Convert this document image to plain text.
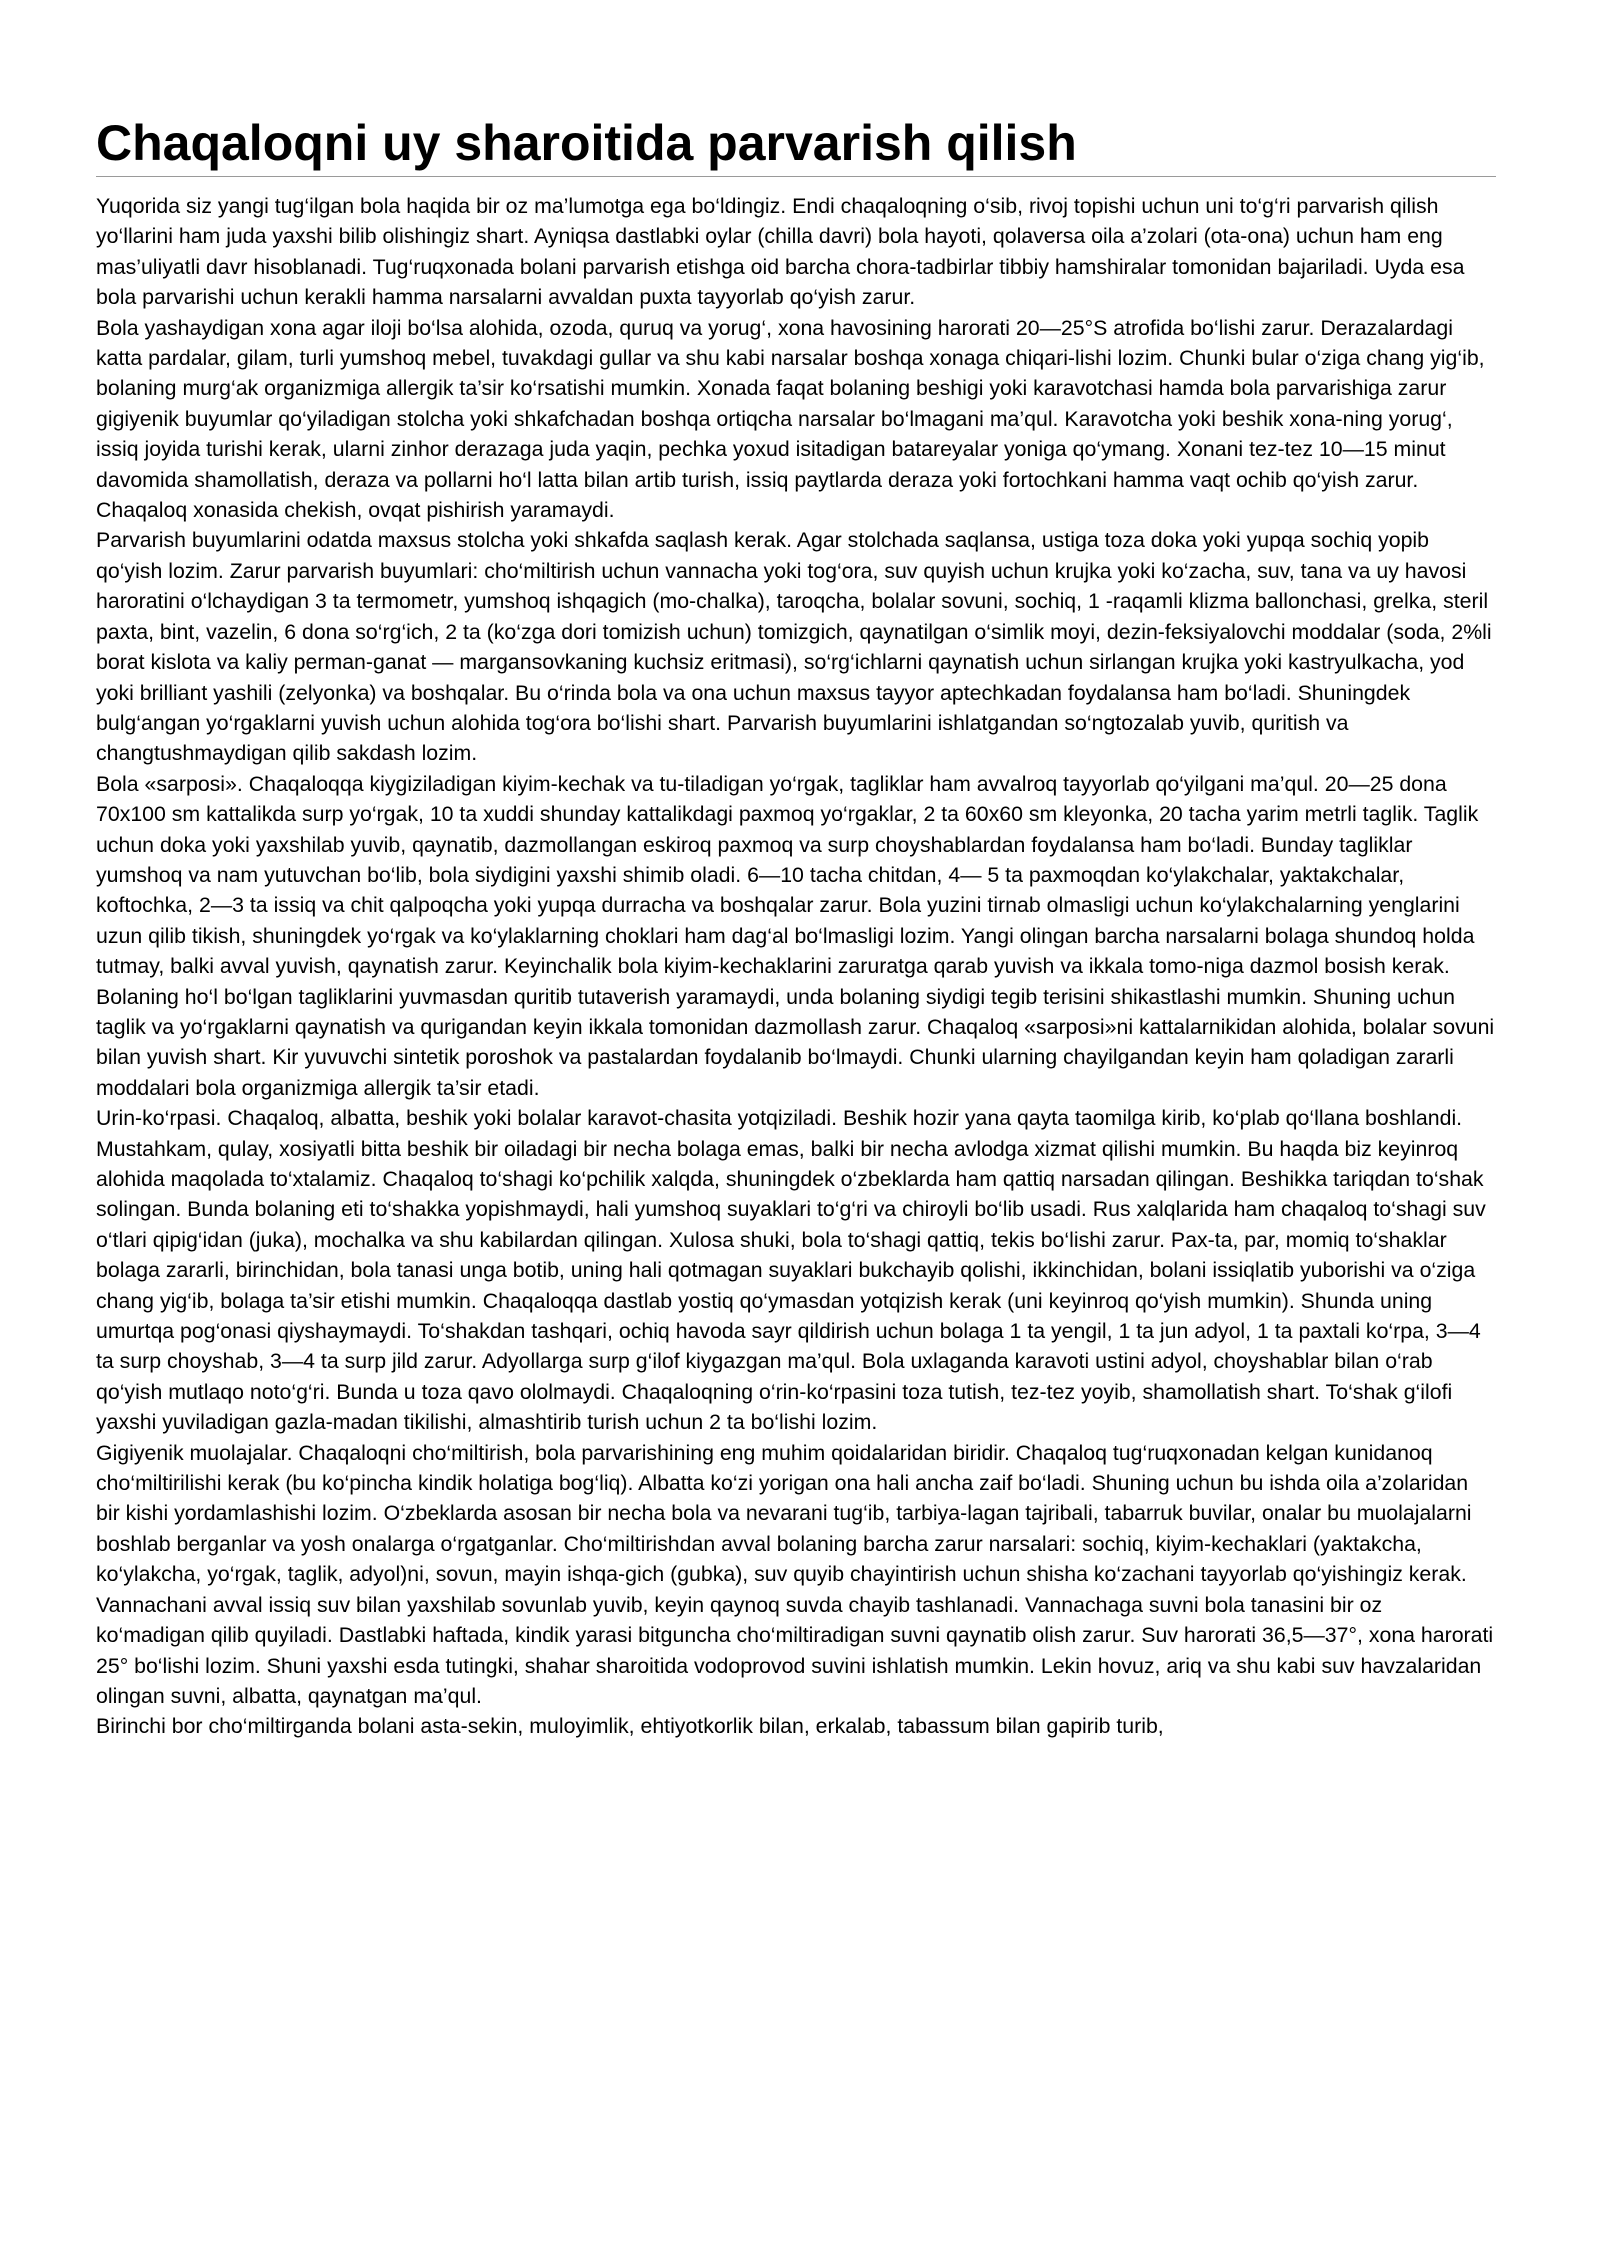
Chaqaloqni uy sharoitida parvarish qilish

Yuqorida siz yangi tug‘ilgan bola haqida bir oz ma’lumotga ega bo‘ldingiz. Endi chaqaloqning o‘sib, rivoj topishi uchun uni to‘g‘ri parvarish qilish yo‘llarini ham juda yaxshi bilib olishingiz shart. Ayniqsa dastlabki oylar (chilla davri) bola hayoti, qolaversa oila a’zolari (ota-ona) uchun ham eng mas’uliyatli davr hisoblanadi. Tug‘ruqxonada bolani parvarish etishga oid barcha chora-tadbirlar tibbiy hamshiralar tomonidan bajariladi. Uyda esa bola parvarishi uchun kerakli hamma narsalarni avvaldan puxta tayyorlab qo‘yish zarur.

Bola yashaydigan xona agar iloji bo‘lsa alohida, ozoda, quruq va yorug‘, xona havosining harorati 20—25°S atrofida bo‘lishi zarur. Derazalardagi katta pardalar, gilam, turli yumshoq mebel, tuvakdagi gullar va shu kabi narsalar boshqa xonaga chiqari-lishi lozim. Chunki bular o‘ziga chang yig‘ib, bolaning murg‘ak organizmiga allergik ta’sir ko‘rsatishi mumkin. Xonada faqat bolaning beshigi yoki karavotchasi hamda bola parvarishiga zarur gigiyenik buyumlar qo‘yiladigan stolcha yoki shkafchadan boshqa ortiqcha narsalar bo‘lmagani ma’qul. Karavotcha yoki beshik xona-ning yorug‘, issiq joyida turishi kerak, ularni zinhor derazaga juda yaqin, pechka yoxud isitadigan batareyalar yoniga qo‘ymang. Xonani tez-tez 10—15 minut davomida shamollatish, deraza va pollarni ho‘l latta bilan artib turish, issiq paytlarda deraza yoki fortochkani hamma vaqt ochib qo‘yish zarur. Chaqaloq xonasida chekish, ovqat pishirish yaramaydi.

Parvarish buyumlarini odatda maxsus stolcha yoki shkafda saqlash kerak. Agar stolchada saqlansa, ustiga toza doka yoki yupqa sochiq yopib qo‘yish lozim. Zarur parvarish buyumlari: cho‘miltirish uchun vannacha yoki tog‘ora, suv quyish uchun krujka yoki ko‘zacha, suv, tana va uy havosi haroratini o‘lchaydigan 3 ta termometr, yumshoq ishqagich (mo-chalka), taroqcha, bolalar sovuni, sochiq, 1 -raqamli klizma ballonchasi, grelka, steril paxta, bint, vazelin, 6 dona so‘rg‘ich, 2 ta (ko‘zga dori tomizish uchun) tomizgich, qaynatilgan o‘simlik moyi, dezin-feksiyalovchi moddalar (soda, 2%li borat kislota va kaliy perman-ganat — margansovkaning kuchsiz eritmasi), so‘rg‘ichlarni qaynatish uchun sirlangan krujka yoki kastryulkacha, yod yoki brilliant yashili (zelyonka) va boshqalar. Bu o‘rinda bola va ona uchun maxsus tayyor aptechkadan foydalansa ham bo‘ladi. Shuningdek bulg‘angan yo‘rgaklarni yuvish uchun alohida tog‘ora bo‘lishi shart. Parvarish buyumlarini ishlatgandan so‘ngtozalab yuvib, quritish va changtushmaydigan qilib sakdash lozim.

Bola «sarposi». Chaqaloqqa kiygiziladigan kiyim-kechak va tu-tiladigan yo‘rgak, tagliklar ham avvalroq tayyorlab qo‘yilgani ma’qul. 20—25 dona 70x100 sm kattalikda surp yo‘rgak, 10 ta xuddi shunday kattalikdagi paxmoq yo‘rgaklar, 2 ta 60x60 sm kleyonka, 20 tacha yarim metrli taglik. Taglik uchun doka yoki yaxshilab yuvib, qaynatib, dazmollangan eskiroq paxmoq va surp choyshablardan foydalansa ham bo‘ladi. Bunday tagliklar yumshoq va nam yutuvchan bo‘lib, bola siydigini yaxshi shimib oladi. 6—10 tacha chitdan, 4— 5 ta paxmoqdan ko‘ylakchalar, yaktakchalar, koftochka, 2—3 ta issiq va chit qalpoqcha yoki yupqa durracha va boshqalar zarur. Bola yuzini tirnab olmasligi uchun ko‘ylakchalarning yenglarini uzun qilib tikish, shuningdek yo‘rgak va ko‘ylaklarning choklari ham dag‘al bo‘lmasligi lozim. Yangi olingan barcha narsalarni bolaga shundoq holda tutmay, balki avval yuvish, qaynatish zarur. Keyinchalik bola kiyim-kechaklarini zaruratga qarab yuvish va ikkala tomo-niga dazmol bosish kerak. Bolaning ho‘l bo‘lgan tagliklarini yuvmasdan quritib tutaverish yaramaydi, unda bolaning siydigi tegib terisini shikastlashi mumkin. Shuning uchun taglik va yo‘rgaklarni qaynatish va qurigandan keyin ikkala tomonidan dazmollash zarur. Chaqaloq «sarposi»ni kattalarnikidan alohida, bolalar sovuni bilan yuvish shart. Kir yuvuvchi sintetik poroshok va pastalardan foydalanib bo‘lmaydi. Chunki ularning chayilgandan keyin ham qoladigan zararli moddalari bola organizmiga allergik ta’sir etadi.

Urin-ko‘rpasi. Chaqaloq, albatta, beshik yoki bolalar karavot-chasita yotqiziladi. Beshik hozir yana qayta taomilga kirib, ko‘plab qo‘llana boshlandi. Mustahkam, qulay, xosiyatli bitta beshik bir oiladagi bir necha bolaga emas, balki bir necha avlodga xizmat qilishi mumkin. Bu haqda biz keyinroq alohida maqolada to‘xtalamiz. Chaqaloq to‘shagi ko‘pchilik xalqda, shuningdek o‘zbeklarda ham qattiq narsadan qilingan. Beshikka tariqdan to‘shak solingan. Bunda bolaning eti to‘shakka yopishmaydi, hali yumshoq suyaklari to‘g‘ri va chiroyli bo‘lib usadi. Rus xalqlarida ham chaqaloq to‘shagi suv o‘tlari qipig‘idan (juka), mochalka va shu kabilardan qilingan. Xulosa shuki, bola to‘shagi qattiq, tekis bo‘lishi zarur. Pax-ta, par, momiq to‘shaklar bolaga zararli, birinchidan, bola tanasi unga botib, uning hali qotmagan suyaklari bukchayib qolishi, ikkinchidan, bolani issiqlatib yuborishi va o‘ziga chang yig‘ib, bolaga ta’sir etishi mumkin. Chaqaloqqa dastlab yostiq qo‘ymasdan yotqizish kerak (uni keyinroq qo‘yish mumkin). Shunda uning umurtqa pog‘onasi qiyshaymaydi. To‘shakdan tashqari, ochiq havoda sayr qildirish uchun bolaga 1 ta yengil, 1 ta jun adyol, 1 ta paxtali ko‘rpa, 3—4 ta surp choyshab, 3—4 ta surp jild zarur. Adyollarga surp g‘ilof kiygazgan ma’qul. Bola uxlaganda karavoti ustini adyol, choyshablar bilan o‘rab qo‘yish mutlaqo noto‘g‘ri. Bunda u toza qavo ololmaydi. Chaqaloqning o‘rin-ko‘rpasini toza tutish, tez-tez yoyib, shamollatish shart. To‘shak g‘ilofi yaxshi yuviladigan gazla-madan tikilishi, almashtirib turish uchun 2 ta bo‘lishi lozim.

Gigiyenik muolajalar. Chaqaloqni cho‘miltirish, bola parvarishining eng muhim qoidalaridan biridir. Chaqaloq tug‘ruqxonadan kelgan kunidanoq cho‘miltirilishi kerak (bu ko‘pincha kindik holatiga bog‘liq). Albatta ko‘zi yorigan ona hali ancha zaif bo‘ladi. Shuning uchun bu ishda oila a’zolaridan bir kishi yordamlashishi lozim. O‘zbeklarda asosan bir necha bola va nevarani tug‘ib, tarbiya-lagan tajribali, tabarruk buvilar, onalar bu muolajalarni boshlab berganlar va yosh onalarga o‘rgatganlar. Cho‘miltirishdan avval bolaning barcha zarur narsalari: sochiq, kiyim-kechaklari (yaktakcha, ko‘ylakcha, yo‘rgak, taglik, adyol)ni, sovun, mayin ishqa-gich (gubka), suv quyib chayintirish uchun shisha ko‘zachani tayyorlab qo‘yishingiz kerak. Vannachani avval issiq suv bilan yaxshilab sovunlab yuvib, keyin qaynoq suvda chayib tashlanadi. Vannachaga suvni bola tanasini bir oz ko‘madigan qilib quyiladi. Dastlabki haftada, kindik yarasi bitguncha cho‘miltiradigan suvni qaynatib olish zarur. Suv harorati 36,5—37°, xona harorati 25° bo‘lishi lozim. Shuni yaxshi esda tutingki, shahar sharoitida vodoprovod suvini ishlatish mumkin. Lekin hovuz, ariq va shu kabi suv havzalaridan olingan suvni, albatta, qaynatgan ma’qul.

Birinchi bor cho‘miltirganda bolani asta-sekin, muloyimlik, ehtiyotkorlik bilan, erkalab, tabassum bilan gapirib turib,
